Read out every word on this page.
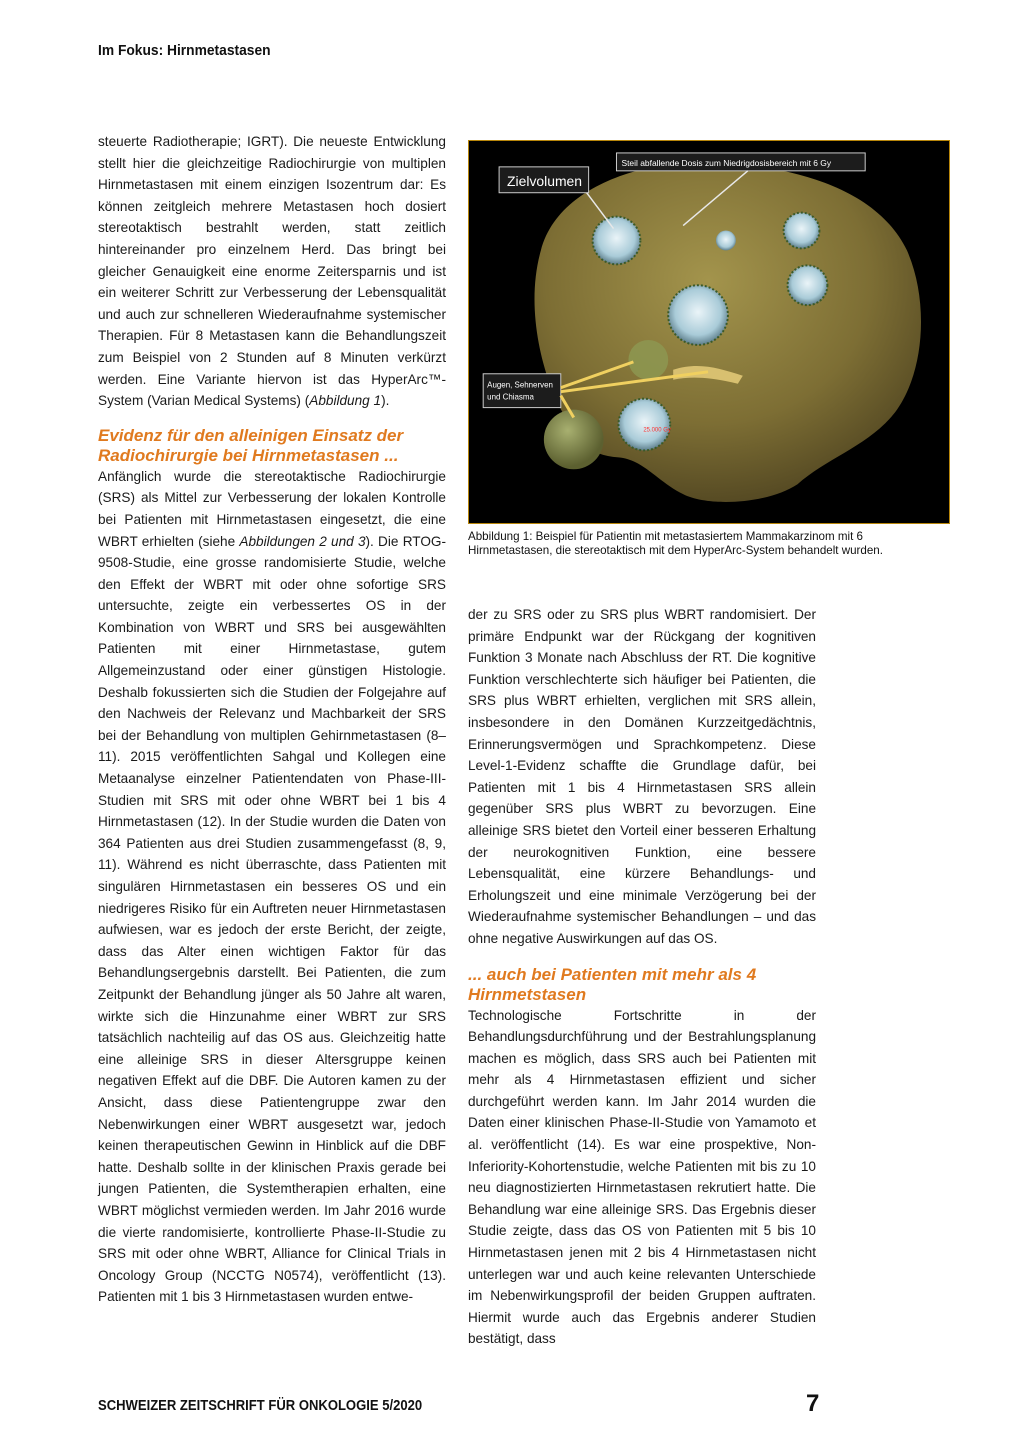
Im Fokus: Hirnmetastasen

steuerte Radiotherapie; IGRT). Die neueste Entwicklung stellt hier die gleichzeitige Radiochirurgie von multiplen Hirnmetastasen mit einem einzigen Isozentrum dar: Es können zeitgleich mehrere Metastasen hoch dosiert stereotaktisch bestrahlt werden, statt zeitlich hintereinander pro einzelnem Herd. Das bringt bei gleicher Genauigkeit eine enorme Zeitersparnis und ist ein weiterer Schritt zur Verbesserung der Lebensqualität und auch zur schnelleren Wiederaufnahme systemischer Therapien. Für 8 Metastasen kann die Behandlungszeit zum Beispiel von 2 Stunden auf 8 Minuten verkürzt werden. Eine Variante hiervon ist das HyperArc™-System (Varian Medical Systems) (Abbildung 1).

Evidenz für den alleinigen Einsatz der Radiochirurgie bei Hirnmetastasen ...

Anfänglich wurde die stereotaktische Radiochirurgie (SRS) als Mittel zur Verbesserung der lokalen Kontrolle bei Patienten mit Hirnmetastasen eingesetzt, die eine WBRT erhielten (siehe Abbildungen 2 und 3). Die RTOG-9508-Studie, eine grosse randomisierte Studie, welche den Effekt der WBRT mit oder ohne sofortige SRS untersuchte, zeigte ein verbessertes OS in der Kombination von WBRT und SRS bei ausgewählten Patienten mit einer Hirnmetastase, gutem Allgemeinzustand oder einer günstigen Histologie. Deshalb fokussierten sich die Studien der Folgejahre auf den Nachweis der Relevanz und Machbarkeit der SRS bei der Behandlung von multiplen Gehirnmetastasen (8–11). 2015 veröffentlichten Sahgal und Kollegen eine Metaanalyse einzelner Patientendaten von Phase-III-Studien mit SRS mit oder ohne WBRT bei 1 bis 4 Hirnmetastasen (12). In der Studie wurden die Daten von 364 Patienten aus drei Studien zusammengefasst (8, 9, 11). Während es nicht überraschte, dass Patienten mit singulären Hirnmetastasen ein besseres OS und ein niedrigeres Risiko für ein Auftreten neuer Hirnmetastasen aufwiesen, war es jedoch der erste Bericht, der zeigte, dass das Alter einen wichtigen Faktor für das Behandlungsergebnis darstellt. Bei Patienten, die zum Zeitpunkt der Behandlung jünger als 50 Jahre alt waren, wirkte sich die Hinzunahme einer WBRT zur SRS tatsächlich nachteilig auf das OS aus. Gleichzeitig hatte eine alleinige SRS in dieser Altersgruppe keinen negativen Effekt auf die DBF. Die Autoren kamen zu der Ansicht, dass diese Patientengruppe zwar den Nebenwirkungen einer WBRT ausgesetzt war, jedoch keinen therapeutischen Gewinn in Hinblick auf die DBF hatte. Deshalb sollte in der klinischen Praxis gerade bei jungen Patienten, die Systemtherapien erhalten, eine WBRT möglichst vermieden werden. Im Jahr 2016 wurde die vierte randomisierte, kontrollierte Phase-II-Studie zu SRS mit oder ohne WBRT, Alliance for Clinical Trials in Oncology Group (NCCTG N0574), veröffentlicht (13). Patienten mit 1 bis 3 Hirnmetastasen wurden entwe-

Zielvolumen
Steil abfallende Dosis zum Niedrigdosisbereich mit 6 Gy
Augen, Sehnerven und Chiasma
25.000 Gy
Abbildung 1: Beispiel für Patientin mit metastasiertem Mammakarzinom mit 6 Hirnmetastasen, die stereotaktisch mit dem HyperArc-System behandelt wurden.

der zu SRS oder zu SRS plus WBRT randomisiert. Der primäre Endpunkt war der Rückgang der kognitiven Funktion 3 Monate nach Abschluss der RT. Die kognitive Funktion verschlechterte sich häufiger bei Patienten, die SRS plus WBRT erhielten, verglichen mit SRS allein, insbesondere in den Domänen Kurzzeitgedächtnis, Erinnerungsvermögen und Sprachkompetenz. Diese Level-1-Evidenz schaffte die Grundlage dafür, bei Patienten mit 1 bis 4 Hirnmetastasen SRS allein gegenüber SRS plus WBRT zu bevorzugen. Eine alleinige SRS bietet den Vorteil einer besseren Erhaltung der neurokognitiven Funktion, eine bessere Lebensqualität, eine kürzere Behandlungs- und Erholungszeit und eine minimale Verzögerung bei der Wiederaufnahme systemischer Behandlungen – und das ohne negative Auswirkungen auf das OS.

... auch bei Patienten mit mehr als 4 Hirnmetstasen

Technologische Fortschritte in der Behandlungsdurchführung und der Bestrahlungsplanung machen es möglich, dass SRS auch bei Patienten mit mehr als 4 Hirnmetastasen effizient und sicher durchgeführt werden kann. Im Jahr 2014 wurden die Daten einer klinischen Phase-II-Studie von Yamamoto et al. veröffentlicht (14). Es war eine prospektive, Non-Inferiority-Kohortenstudie, welche Patienten mit bis zu 10 neu diagnostizierten Hirnmetastasen rekrutiert hatte. Die Behandlung war eine alleinige SRS. Das Ergebnis dieser Studie zeigte, dass das OS von Patienten mit 5 bis 10 Hirnmetastasen jenen mit 2 bis 4 Hirnmetastasen nicht unterlegen war und auch keine relevanten Unterschiede im Nebenwirkungsprofil der beiden Gruppen auftraten. Hiermit wurde auch das Ergebnis anderer Studien bestätigt, dass

SCHWEIZER ZEITSCHRIFT FÜR ONKOLOGIE 5/2020	7
